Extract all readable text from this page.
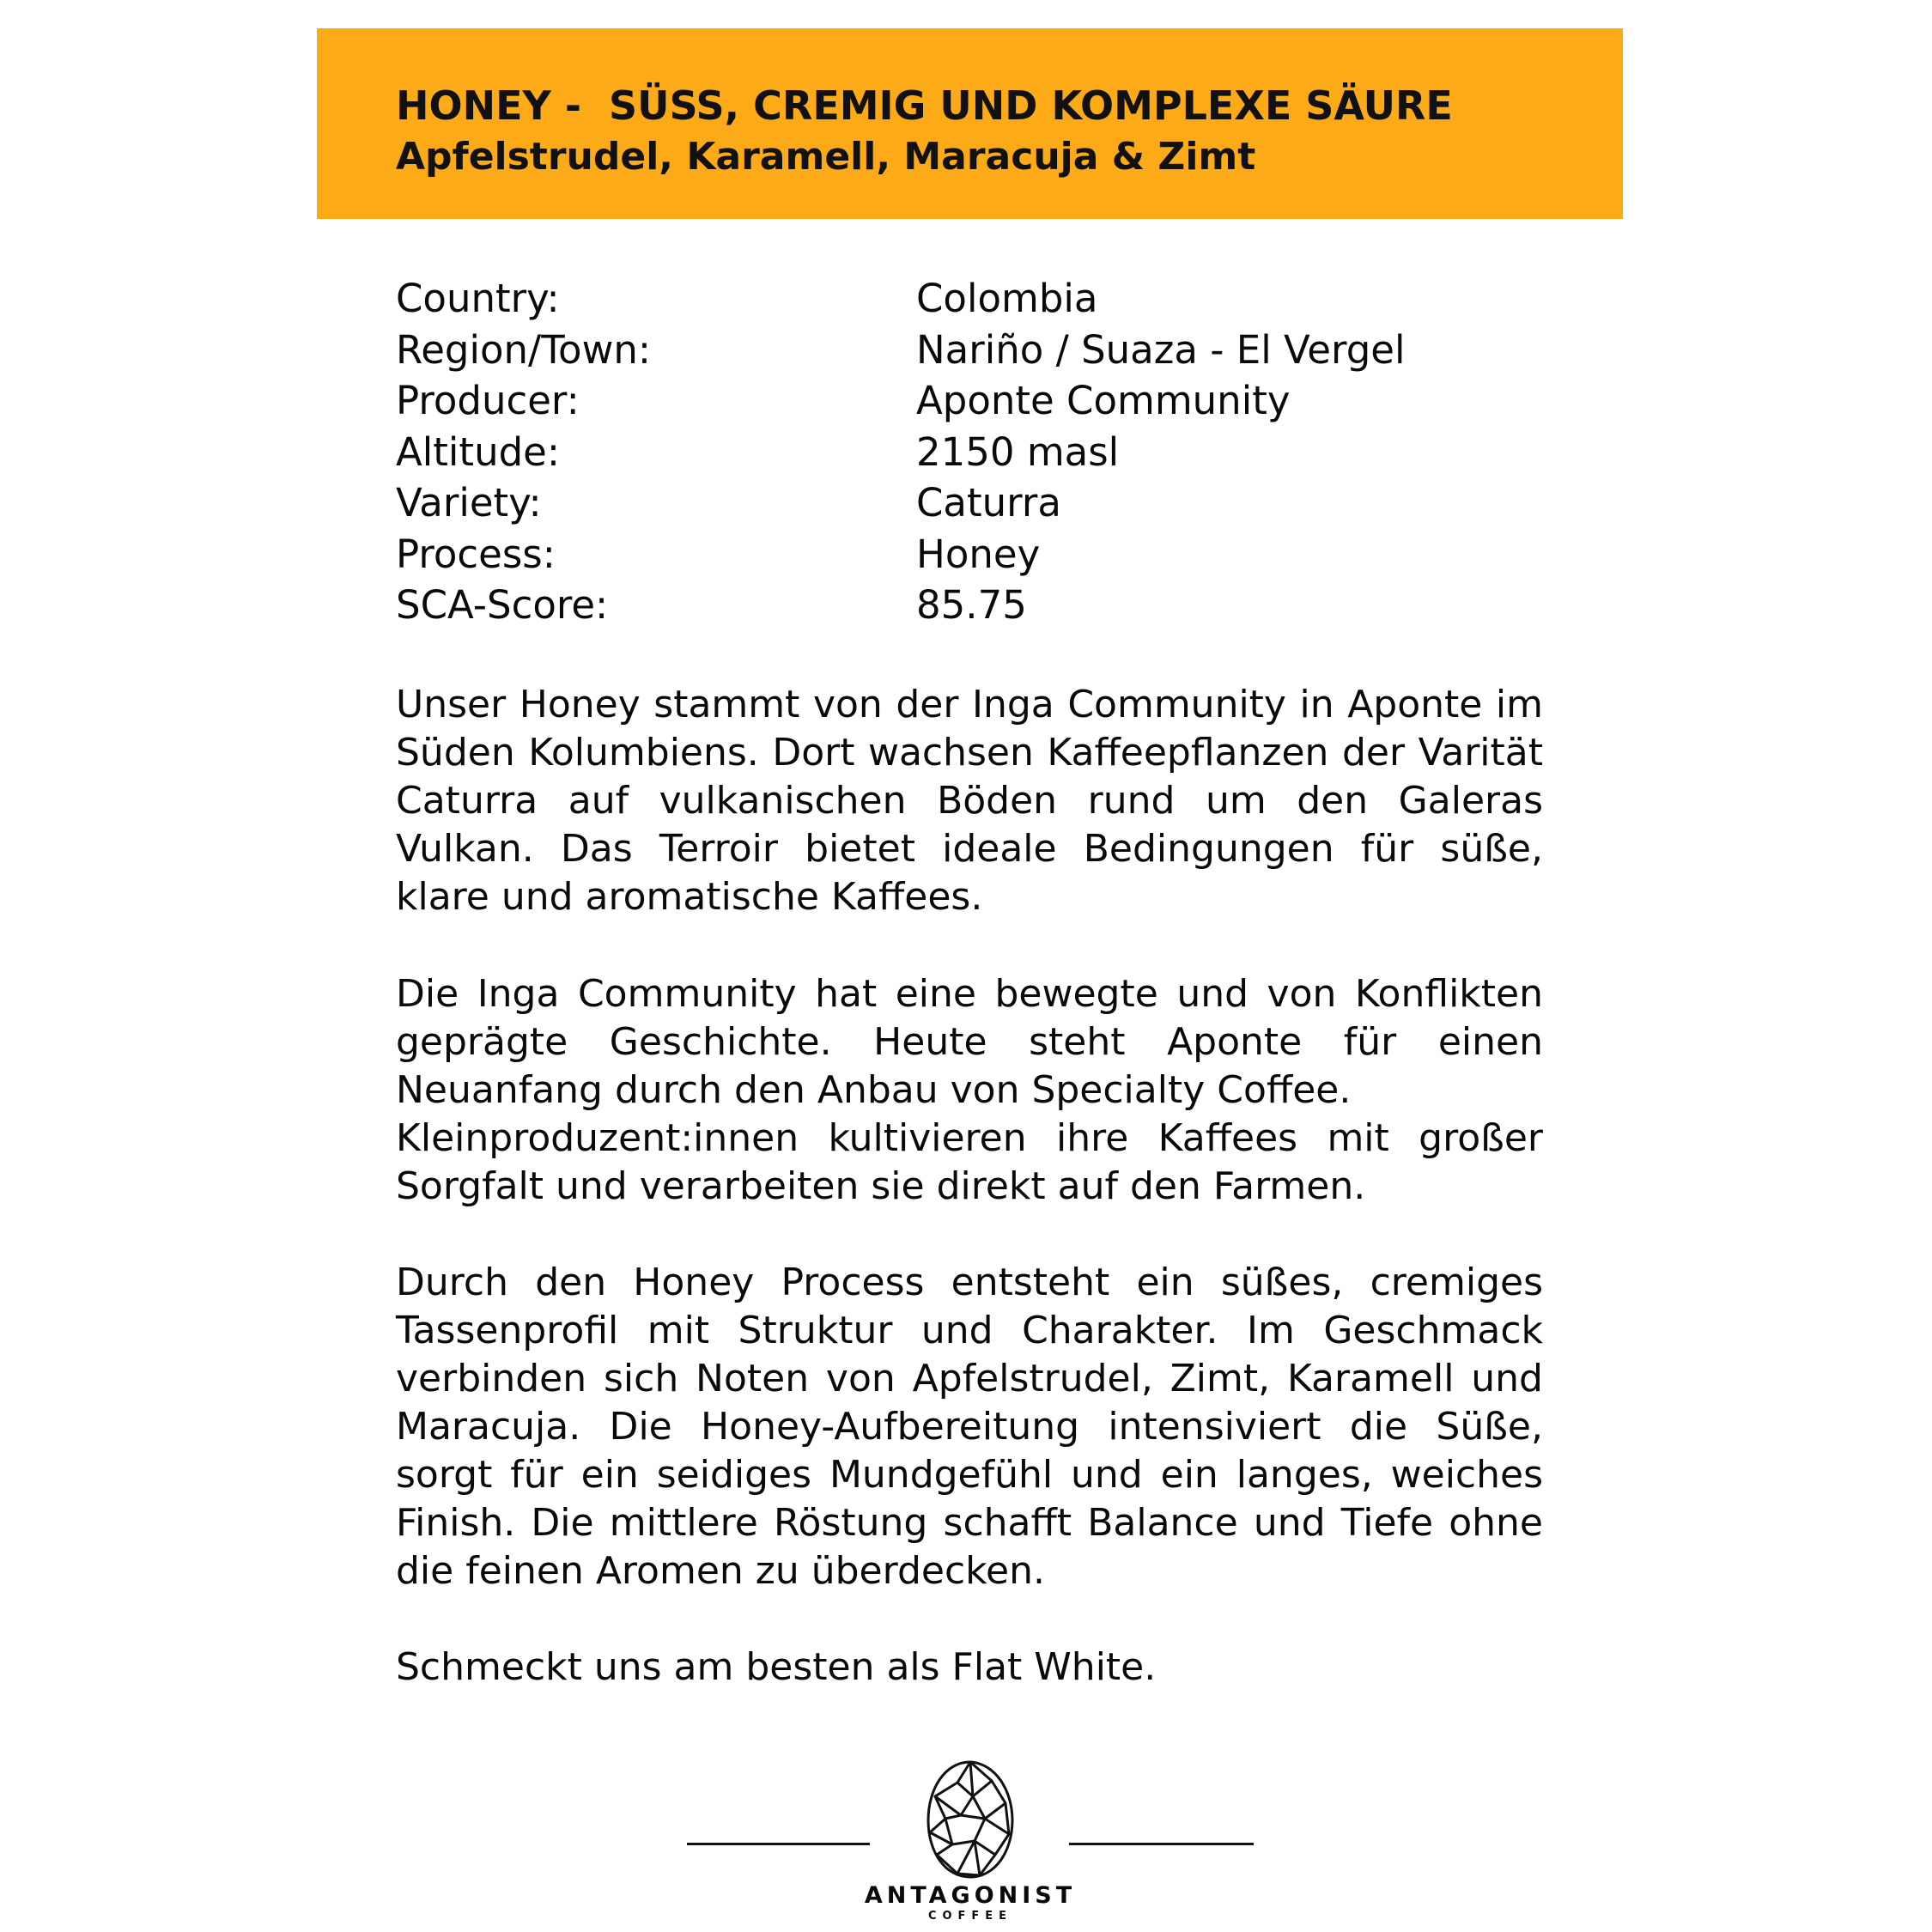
HONEY -  SÜSS, CREMIG UND KOMPLEXE SÄURE
Apfelstrudel, Karamell, Maracuja & Zimt
Country:	Colombia
Region/Town:	Nariño / Suaza - El Vergel
Producer:	Aponte Community
Altitude:	2150 masl
Variety:	Caturra
Process:	Honey
SCA-Score:	85.75

Unser Honey stammt von der Inga Community in Aponte im Süden Kolumbiens. Dort wachsen Kaffeepflanzen der Varität Caturra auf vulkanischen Böden rund um den Galeras Vulkan. Das Terroir bietet ideale Bedingungen für süße, klare und aromatische Kaffees.

Die Inga Community hat eine bewegte und von Konflikten geprägte Geschichte. Heute steht Aponte für einen Neuanfang durch den Anbau von Specialty Coffee.

Kleinproduzent:innen kultivieren ihre Kaffees mit großer Sorgfalt und verarbeiten sie direkt auf den Farmen.

Durch den Honey Process entsteht ein süßes, cremiges Tassenprofil mit Struktur und Charakter. Im Geschmack verbinden sich Noten von Apfelstrudel, Zimt, Karamell und Maracuja. Die Honey-Aufbereitung intensiviert die Süße, sorgt für ein seidiges Mundgefühl und ein langes, weiches Finish. Die mittlere Röstung schafft Balance und Tiefe ohne die feinen Aromen zu überdecken.

Schmeckt uns am besten als Flat White.

ANTAGONIST
COFFEE
